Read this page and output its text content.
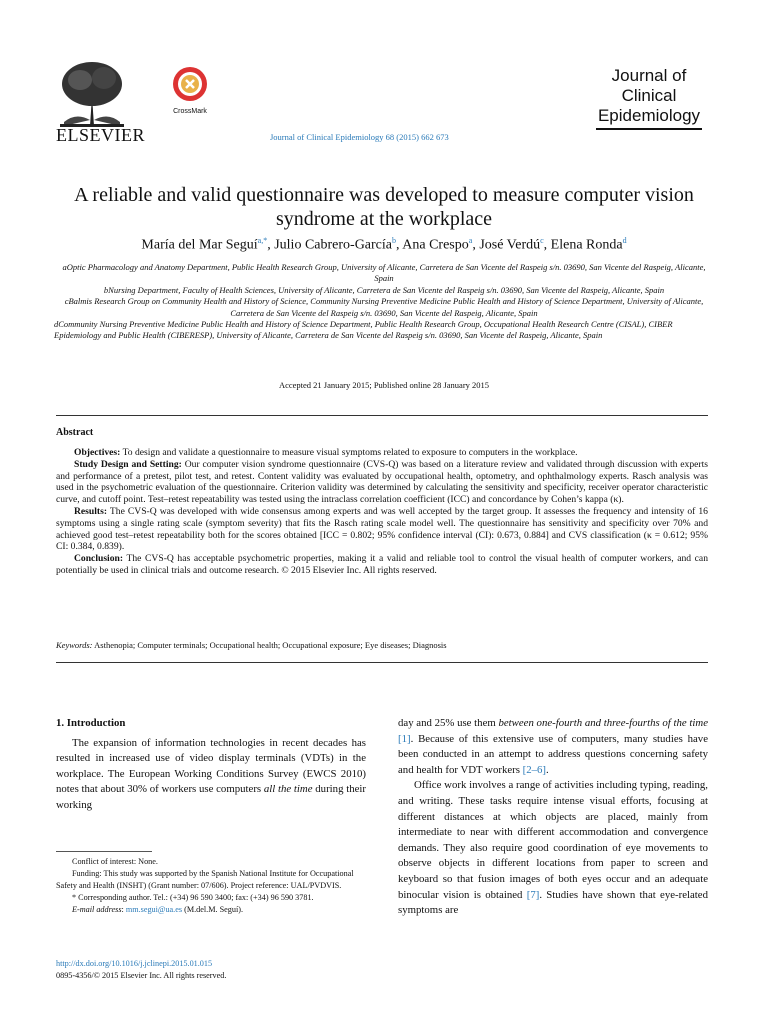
ELSEVIER
CrossMark
Journal of Clinical Epidemiology 68 (2015) 662 673
Journal of
Clinical
Epidemiology
A reliable and valid questionnaire was developed to measure computer vision syndrome at the workplace
María del Mar Seguí$^{a,*}$, Julio Cabrero-García$^b$, Ana Crespo$^a$, José Verdú$^c$, Elena Ronda$^d$

aOptic Pharmacology and Anatomy Department, Public Health Research Group, University of Alicante, Carretera de San Vicente del Raspeig s/n. 03690, San Vicente del Raspeig, Alicante, Spain

bNursing Department, Faculty of Health Sciences, University of Alicante, Carretera de San Vicente del Raspeig s/n. 03690, San Vicente del Raspeig, Alicante, Spain

cBalmis Research Group on Community Health and History of Science, Community Nursing Preventive Medicine Public Health and History of Science Department, University of Alicante, Carretera de San Vicente del Raspeig s/n. 03690, San Vicente del Raspeig, Alicante, Spain

dCommunity Nursing Preventive Medicine Public Health and History of Science Department, Public Health Research Group, Occupational Health Research Centre (CISAL), CIBER Epidemiology and Public Health (CIBERESP), University of Alicante, Carretera de San Vicente del Raspeig s/n. 03690, San Vicente del Raspeig, Alicante, Spain

Accepted 21 January 2015; Published online 28 January 2015
Abstract

Objectives: To design and validate a questionnaire to measure visual symptoms related to exposure to computers in the workplace.

Study Design and Setting: Our computer vision syndrome questionnaire (CVS-Q) was based on a literature review and validated through discussion with experts and performance of a pretest, pilot test, and retest. Content validity was evaluated by occupational health, optometry, and ophthalmology experts. Rasch analysis was used in the psychometric evaluation of the questionnaire. Criterion validity was determined by calculating the sensitivity and specificity, receiver operator characteristic curve, and cutoff point. Test–retest repeatability was tested using the intraclass correlation coefficient (ICC) and concordance by Cohen’s kappa (κ).

Results: The CVS-Q was developed with wide consensus among experts and was well accepted by the target group. It assesses the frequency and intensity of 16 symptoms using a single rating scale (symptom severity) that fits the Rasch rating scale model well. The questionnaire has sensitivity and specificity over 70% and achieved good test–retest repeatability both for the scores obtained [ICC = 0.802; 95% confidence interval (CI): 0.673, 0.884] and CVS classification (κ = 0.612; 95% CI: 0.384, 0.839).

Conclusion: The CVS-Q has acceptable psychometric properties, making it a valid and reliable tool to control the visual health of computer workers, and can potentially be used in clinical trials and outcome research. © 2015 Elsevier Inc. All rights reserved.

Keywords: Asthenopia; Computer terminals; Occupational health; Occupational exposure; Eye diseases; Diagnosis

1. Introduction

The expansion of information technologies in recent decades has resulted in increased use of video display terminals (VDTs) in the workplace. The European Working Conditions Survey (EWCS 2010) notes that about 30% of workers use computers all the time during their working

Conflict of interest: None.

Funding: This study was supported by the Spanish National Institute for Occupational Safety and Health (INSHT) (Grant number: 07/606). Project reference: UAL/PVDVIS.

* Corresponding author. Tel.: (+34) 96 590 3400; fax: (+34) 96 590 3781.

E-mail address: mm.segui@ua.es (M.del.M. Seguí).

http://dx.doi.org/10.1016/j.jclinepi.2015.01.015
0895-4356/© 2015 Elsevier Inc. All rights reserved.

day and 25% use them between one-fourth and three-fourths of the time [1]. Because of this extensive use of computers, many studies have been conducted in an attempt to address questions concerning safety and health for VDT workers [2–6].

Office work involves a range of activities including typing, reading, and writing. These tasks require intense visual efforts, focusing at different distances at which objects are placed, mainly from intermediate to near with different accommodation and convergence demands. They also require good coordination of eye movements to observe objects in different locations from paper to screen and keyboard so that fusion images of both eyes occur and an adequate binocular vision is obtained [7]. Studies have shown that eye-related symptoms are
